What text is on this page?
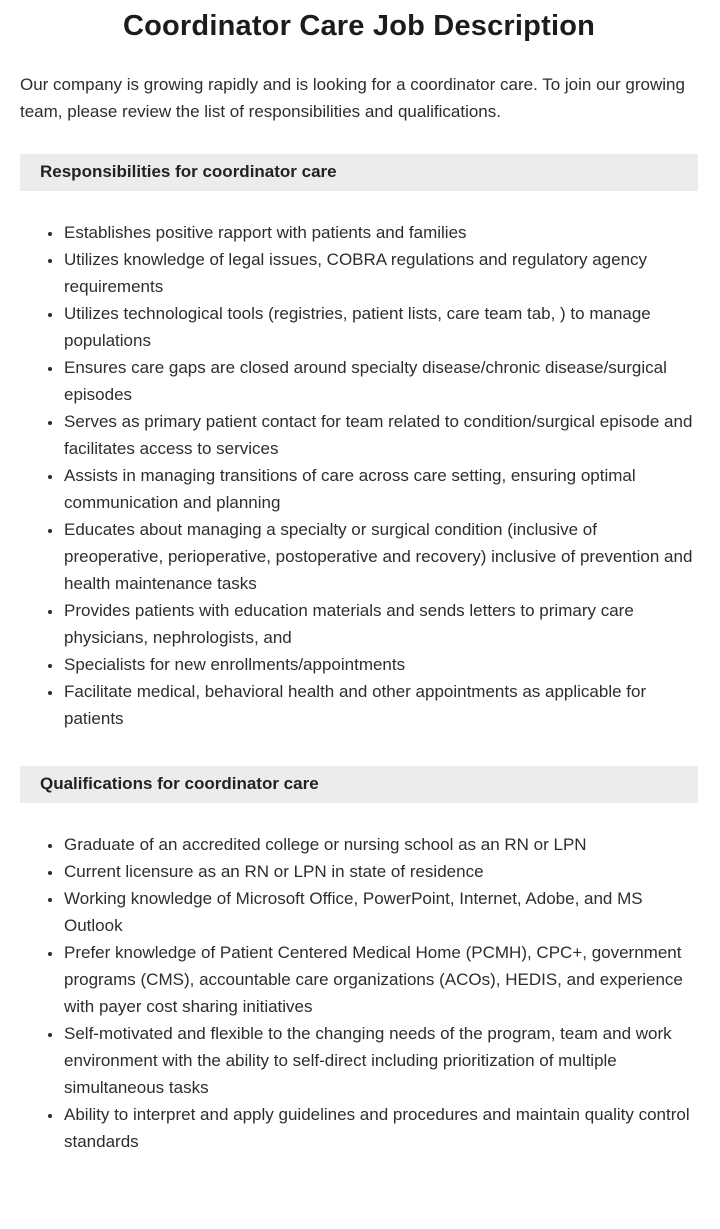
Coordinator Care Job Description

Our company is growing rapidly and is looking for a coordinator care. To join our growing team, please review the list of responsibilities and qualifications.

Responsibilities for coordinator care
• Establishes positive rapport with patients and families
• Utilizes knowledge of legal issues, COBRA regulations and regulatory agency requirements
• Utilizes technological tools (registries, patient lists, care team tab, ) to manage populations
• Ensures care gaps are closed around specialty disease/chronic disease/surgical episodes
• Serves as primary patient contact for team related to condition/surgical episode and facilitates access to services
• Assists in managing transitions of care across care setting, ensuring optimal communication and planning
• Educates about managing a specialty or surgical condition (inclusive of preoperative, perioperative, postoperative and recovery) inclusive of prevention and health maintenance tasks
• Provides patients with education materials and sends letters to primary care physicians, nephrologists, and
• Specialists for new enrollments/appointments
• Facilitate medical, behavioral health and other appointments as applicable for patients
Qualifications for coordinator care
• Graduate of an accredited college or nursing school as an RN or LPN
• Current licensure as an RN or LPN in state of residence
• Working knowledge of Microsoft Office, PowerPoint, Internet, Adobe, and MS Outlook
• Prefer knowledge of Patient Centered Medical Home (PCMH), CPC+, government programs (CMS), accountable care organizations (ACOs), HEDIS, and experience with payer cost sharing initiatives
• Self-motivated and flexible to the changing needs of the program, team and work environment with the ability to self-direct including prioritization of multiple simultaneous tasks
• Ability to interpret and apply guidelines and procedures and maintain quality control standards
